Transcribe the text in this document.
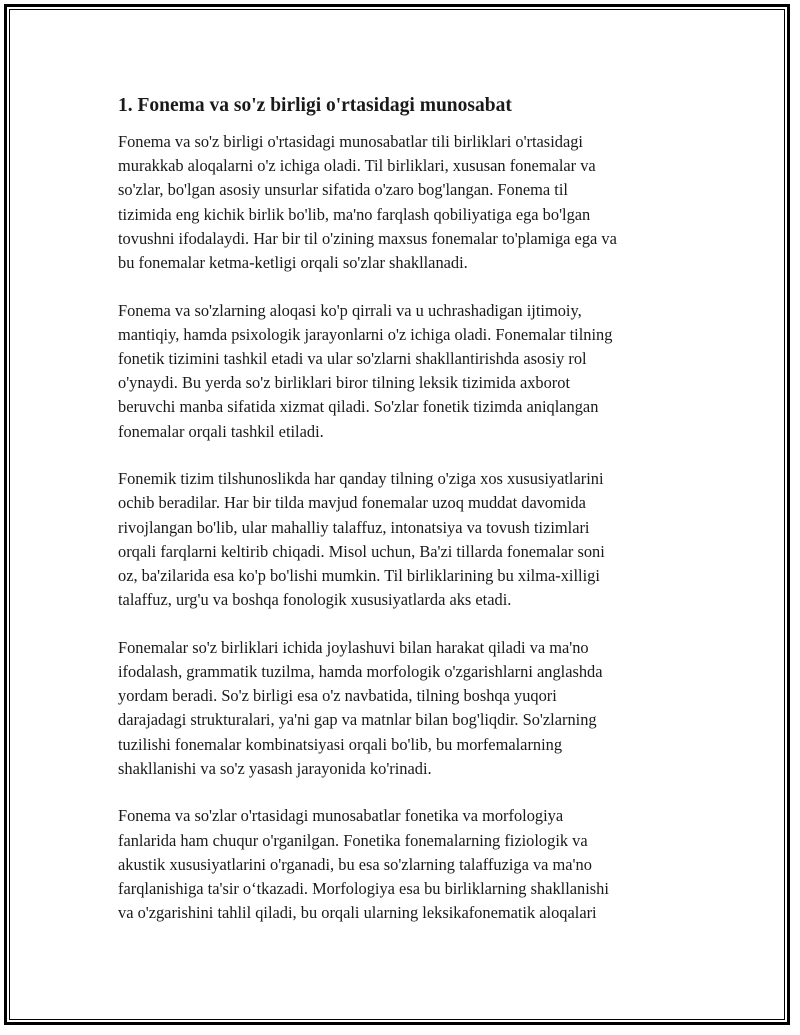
1. Fonema va so'z birligi o'rtasidagi munosabat

Fonema va so'z birligi o'rtasidagi munosabatlar tili birliklari o'rtasidagi
murakkab aloqalarni o'z ichiga oladi. Til birliklari, xususan fonemalar va
so'zlar, bo'lgan asosiy unsurlar sifatida o'zaro bog'langan. Fonema til
tizimida eng kichik birlik bo'lib, ma'no farqlash qobiliyatiga ega bo'lgan
tovushni ifodalaydi. Har bir til o'zining maxsus fonemalar to'plamiga ega va
bu fonemalar ketma-ketligi orqali so'zlar shakllanadi.

Fonema va so'zlarning aloqasi ko'p qirrali va u uchrashadigan ijtimoiy,
mantiqiy, hamda psixologik jarayonlarni o'z ichiga oladi. Fonemalar tilning
fonetik tizimini tashkil etadi va ular so'zlarni shakllantirishda asosiy rol
o'ynaydi. Bu yerda so'z birliklari biror tilning leksik tizimida axborot
beruvchi manba sifatida xizmat qiladi. So'zlar fonetik tizimda aniqlangan
fonemalar orqali tashkil etiladi.

Fonemik tizim tilshunoslikda har qanday tilning o'ziga xos xususiyatlarini
ochib beradilar. Har bir tilda mavjud fonemalar uzoq muddat davomida
rivojlangan bo'lib, ular mahalliy talaffuz, intonatsiya va tovush tizimlari
orqali farqlarni keltirib chiqadi. Misol uchun, Ba'zi tillarda fonemalar soni
oz, ba'zilarida esa ko'p bo'lishi mumkin. Til birliklarining bu xilma-xilligi
talaffuz, urg'u va boshqa fonologik xususiyatlarda aks etadi.

Fonemalar so'z birliklari ichida joylashuvi bilan harakat qiladi va ma'no
ifodalash, grammatik tuzilma, hamda morfologik o'zgarishlarni anglashda
yordam beradi. So'z birligi esa o'z navbatida, tilning boshqa yuqori
darajadagi strukturalari, ya'ni gap va matnlar bilan bog'liqdir. So'zlarning
tuzilishi fonemalar kombinatsiyasi orqali bo'lib, bu morfemalarning
shakllanishi va so'z yasash jarayonida ko'rinadi.

Fonema va so'zlar o'rtasidagi munosabatlar fonetika va morfologiya
fanlarida ham chuqur o'rganilgan. Fonetika fonemalarning fiziologik va
akustik xususiyatlarini o'rganadi, bu esa so'zlarning talaffuziga va ma'no
farqlanishiga ta'sir o‘tkazadi. Morfologiya esa bu birliklarning shakllanishi
va o'zgarishini tahlil qiladi, bu orqali ularning leksikafonematik aloqalari
